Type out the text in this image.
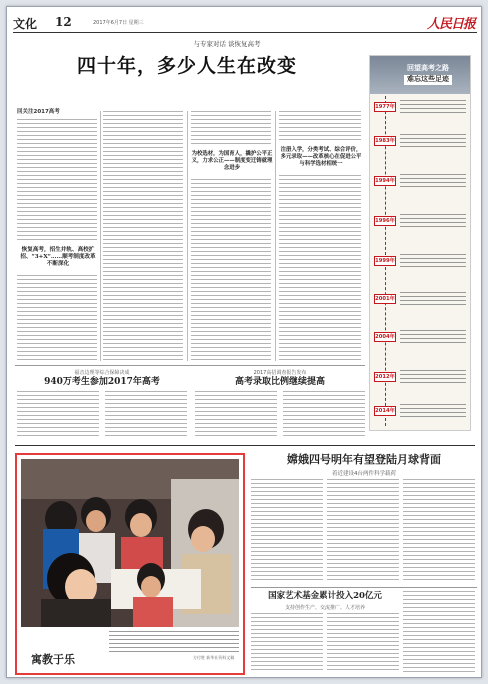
文化 12	2017年6月7日 星期三	人民日报
与专家对话 谈恢复高考
四十年，多少人生在改变
回关注2017高考
恢复高考，招生并轨、高校扩招、“3+X”……顺考制度改革不断深化
为校选材，为国育人，撬护公平正义，力求公正——制度变迁铸就理念进步
注册入学，分类考试、综合评价，多元录取——改革核心在促进公平与科学选材相统一
回望高考之路
难忘这些足迹
1977年
1983年
1994年
1996年
1999年
2001年
2004年
2012年
2014年
福音边理等综合保障决成
940万考生参加2017年高考
2017高招调查报告发布
高考录取比例继续提高
寓教于乐	方付胜 新华社资料文稿
嫦娥四号明年有望登陆月球背面
着近建设4台两件科学载荷
国家艺术基金累计投入20亿元
支持创作生产、交流推广、人才培养
